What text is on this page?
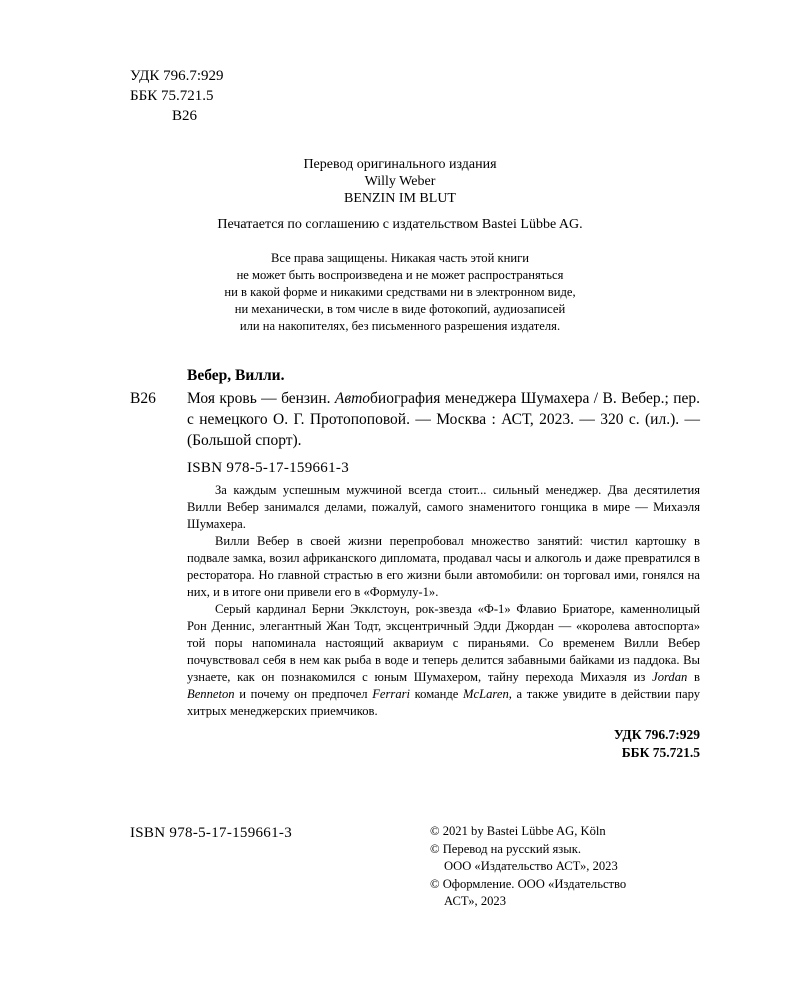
УДК 796.7:929
ББК 75.721.5
В26
Перевод оригинального издания
Willy Weber
BENZIN IM BLUT
Печатается по соглашению с издательством Bastei Lübbe AG.
Все права защищены. Никакая часть этой книги
не может быть воспроизведена и не может распространяться
ни в какой форме и никакими средствами ни в электронном виде,
ни механически, в том числе в виде фотокопий, аудиозаписей
или на накопителях, без письменного разрешения издателя.
Вебер, Вилли.
В26	Моя кровь — бензин. Автобиография менеджера Шумахера / В. Вебер.; пер. с немецкого О. Г. Протопоповой. — Москва : АСТ, 2023. — 320 с. (ил.). — (Большой спорт).
ISBN 978-5-17-159661-3

За каждым успешным мужчиной всегда стоит... сильный менеджер. Два десятилетия Вилли Вебер занимался делами, пожалуй, самого знаменитого гонщика в мире — Михаэля Шумахера.

Вилли Вебер в своей жизни перепробовал множество занятий: чистил картошку в подвале замка, возил африканского дипломата, продавал часы и алкоголь и даже превратился в ресторатора. Но главной страстью в его жизни были автомобили: он торговал ими, гонялся на них, и в итоге они привели его в «Формулу-1».

Серый кардинал Берни Экклстоун, рок-звезда «Ф-1» Флавио Бриаторе, каменнолицый Рон Деннис, элегантный Жан Тодт, эксцентричный Эдди Джордан — «королева автоспорта» той поры напоминала настоящий аквариум с пираньями. Со временем Вилли Вебер почувствовал себя в нем как рыба в воде и теперь делится забавными байками из паддока. Вы узнаете, как он познакомился с юным Шумахером, тайну перехода Михаэля из Jordan в Benneton и почему он предпочел Ferrari команде McLaren, а также увидите в действии пару хитрых менеджерских приемчиков.

УДК 796.7:929
ББК 75.721.5
ISBN 978-5-17-159661-3	© 2021 by Bastei Lübbe AG, Köln
© Перевод на русский язык.
ООО «Издательство АСТ», 2023
© Оформление. ООО «Издательство
АСТ», 2023
